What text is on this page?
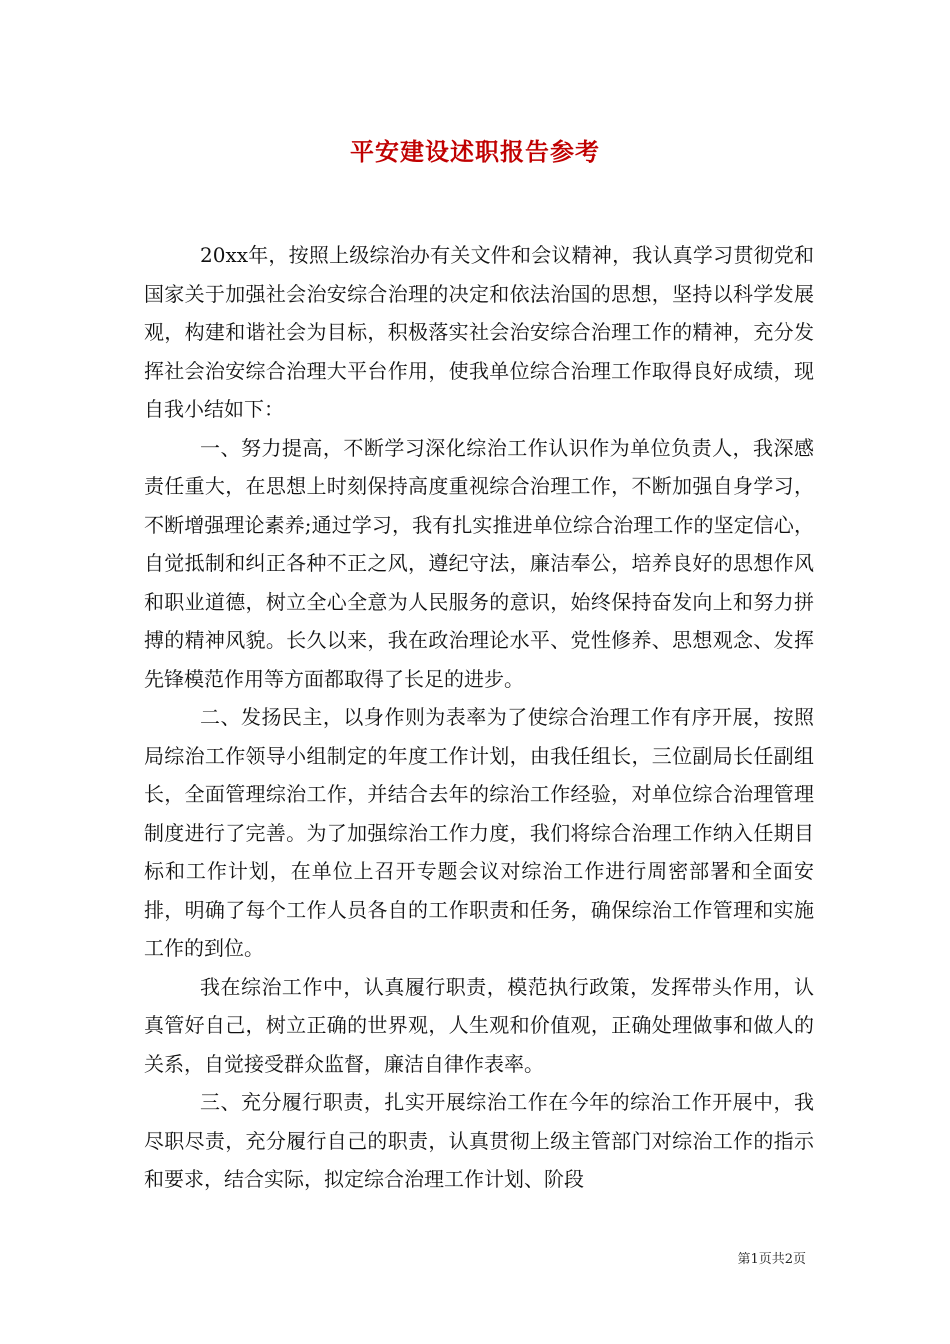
平安建设述职报告参考

20xx年，按照上级综治办有关文件和会议精神，我认真学习贯彻党和国家关于加强社会治安综合治理的决定和依法治国的思想，坚持以科学发展观，构建和谐社会为目标，积极落实社会治安综合治理工作的精神，充分发挥社会治安综合治理大平台作用，使我单位综合治理工作取得良好成绩，现自我小结如下：

一、努力提高，不断学习深化综治工作认识作为单位负责人，我深感责任重大，在思想上时刻保持高度重视综合治理工作，不断加强自身学习，不断增强理论素养;通过学习，我有扎实推进单位综合治理工作的坚定信心，自觉抵制和纠正各种不正之风，遵纪守法，廉洁奉公，培养良好的思想作风和职业道德，树立全心全意为人民服务的意识，始终保持奋发向上和努力拼搏的精神风貌。长久以来，我在政治理论水平、党性修养、思想观念、发挥先锋模范作用等方面都取得了长足的进步。

二、发扬民主，以身作则为表率为了使综合治理工作有序开展，按照局综治工作领导小组制定的年度工作计划，由我任组长，三位副局长任副组长，全面管理综治工作，并结合去年的综治工作经验，对单位综合治理管理制度进行了完善。为了加强综治工作力度，我们将综合治理工作纳入任期目标和工作计划，在单位上召开专题会议对综治工作进行周密部署和全面安排，明确了每个工作人员各自的工作职责和任务，确保综治工作管理和实施工作的到位。

我在综治工作中，认真履行职责，模范执行政策，发挥带头作用，认真管好自己，树立正确的世界观，人生观和价值观，正确处理做事和做人的关系，自觉接受群众监督，廉洁自律作表率。

三、充分履行职责，扎实开展综治工作在今年的综治工作开展中，我尽职尽责，充分履行自己的职责，认真贯彻上级主管部门对综治工作的指示和要求，结合实际，拟定综合治理工作计划、阶段

第1页共2页
